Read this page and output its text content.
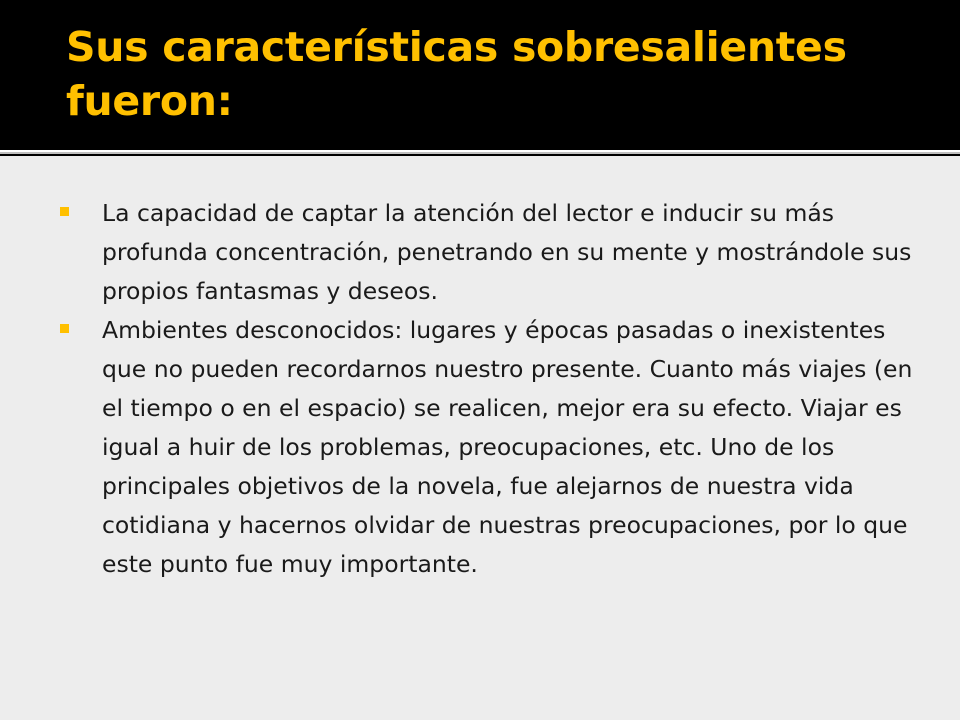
Sus características sobresalientes fueron:
La capacidad de captar la atención del lector e inducir su más profunda concentración, penetrando en su mente y mostrándole sus propios fantasmas y deseos.
Ambientes desconocidos: lugares y épocas pasadas o inexistentes que no pueden recordarnos nuestro presente. Cuanto más viajes (en el tiempo o en el espacio) se realicen, mejor era su efecto. Viajar es igual a huir de los problemas, preocupaciones, etc. Uno de los principales objetivos de la novela, fue alejarnos de nuestra vida cotidiana y hacernos olvidar de nuestras preocupaciones, por lo que este punto fue muy importante.
